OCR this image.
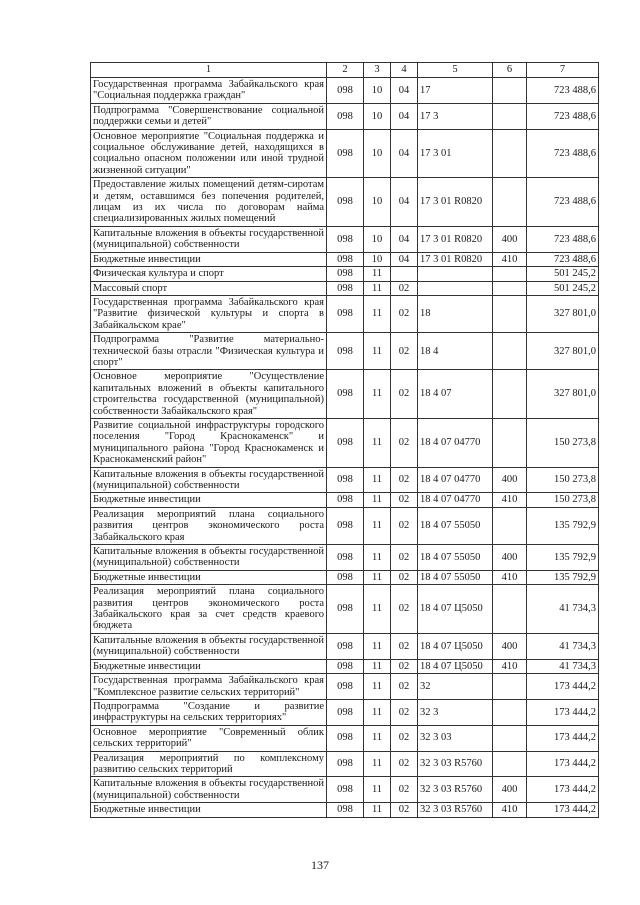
1	2	3	4	5	6	7
Государственная программа Забайкальского края "Социальная поддержка граждан"	098	10	04	17		723 488,6
Подпрограмма "Совершенствование социальной поддержки семьи и детей"	098	10	04	17 3		723 488,6
Основное мероприятие "Социальная поддержка и социальное обслуживание детей, находящихся в социально опасном положении или иной трудной жизненной ситуации"	098	10	04	17 3 01		723 488,6
Предоставление жилых помещений детям-сиротам и детям, оставшимся без попечения родителей, лицам из их числа по договорам найма специализированных жилых помещений	098	10	04	17 3 01 R0820		723 488,6
Капитальные вложения в объекты государственной (муниципальной) собственности	098	10	04	17 3 01 R0820	400	723 488,6
Бюджетные инвестиции	098	10	04	17 3 01 R0820	410	723 488,6
Физическая культура и спорт	098	11				501 245,2
Массовый спорт	098	11	02			501 245,2
Государственная программа Забайкальского края "Развитие физической культуры и спорта в Забайкальском крае"	098	11	02	18		327 801,0
Подпрограмма "Развитие материально-технической базы отрасли "Физическая культура и спорт"	098	11	02	18 4		327 801,0
Основное мероприятие "Осуществление капитальных вложений в объекты капитального строительства государственной (муниципальной) собственности Забайкальского края"	098	11	02	18 4 07		327 801,0
Развитие социальной инфраструктуры городского поселения "Город Краснокаменск" и муниципального района "Город Краснокаменск и Краснокаменский район"	098	11	02	18 4 07 04770		150 273,8
Капитальные вложения в объекты государственной (муниципальной) собственности	098	11	02	18 4 07 04770	400	150 273,8
Бюджетные инвестиции	098	11	02	18 4 07 04770	410	150 273,8
Реализация мероприятий плана социального развития центров экономического роста Забайкальского края	098	11	02	18 4 07 55050		135 792,9
Капитальные вложения в объекты государственной (муниципальной) собственности	098	11	02	18 4 07 55050	400	135 792,9
Бюджетные инвестиции	098	11	02	18 4 07 55050	410	135 792,9
Реализация мероприятий плана социального развития центров экономического роста Забайкальского края за счет средств краевого бюджета	098	11	02	18 4 07 Ц5050		41 734,3
Капитальные вложения в объекты государственной (муниципальной) собственности	098	11	02	18 4 07 Ц5050	400	41 734,3
Бюджетные инвестиции	098	11	02	18 4 07 Ц5050	410	41 734,3
Государственная программа Забайкальского края "Комплексное развитие сельских территорий"	098	11	02	32		173 444,2
Подпрограмма "Создание и развитие инфраструктуры на сельских территориях"	098	11	02	32 3		173 444,2
Основное мероприятие "Современный облик сельских территорий"	098	11	02	32 3 03		173 444,2
Реализация мероприятий по комплексному развитию сельских территорий	098	11	02	32 3 03 R5760		173 444,2
Капитальные вложения в объекты государственной (муниципальной) собственности	098	11	02	32 3 03 R5760	400	173 444,2
Бюджетные инвестиции	098	11	02	32 3 03 R5760	410	173 444,2
137
